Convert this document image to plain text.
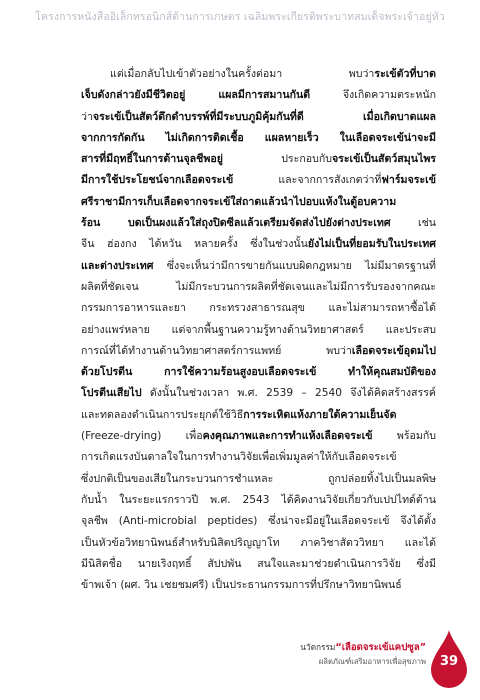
โครงการหนังสืออิเล็กทรอนิกส์ด้านการเกษตร เฉลิมพระเกียรติพระบาทสมเด็จพระเจ้าอยู่หัว
แต่เมื่อกลับไปเข้าตัวอย่างในครั้งต่อมา พบว่าระเข้ตัวที่บาด
เจ็บดังกล่าวยังมีชีวิตอยู่ แผลมีการสมานกันดี จึงเกิดความตระหนัก
ว่าจระเข้เป็นสัตว์ดึกดำบรรพ์ที่มีระบบภูมิคุ้มกันที่ดี เมื่อเกิดบาดแผล
จากการกัดกัน ไม่เกิดการติดเชื้อ แผลหายเร็ว ในเลือดจระเข้น่าจะมี
สารที่มีฤทธิ์ในการต้านจุลชีพอยู่ ประกอบกับจระเข้เป็นสัตว์สมุนไพร
มีการใช้ประโยชน์จากเลือดจระเข้ และจากการสังเกตว่าที่ฟาร์มจระเข้
ศรีราชามีการเก็บเลือดจากจระเข้ใส่ถาดแล้วนำไปอบแห้งในตู้อบความ
ร้อน บดเป็นผงแล้วใส่ถุงปิดซีลแล้วเตรียมจัดส่งไปยังต่างประเทศ เช่น
จีน ฮ่องกง ไต้หวัน หลายครั้ง ซึ่งในช่วงนั้นยังไม่เป็นที่ยอมรับในประเทศ
และต่างประเทศ ซึ่งจะเห็นว่ามีการขายกันแบบผิดกฎหมาย ไม่มีมาตรฐานที่
ผลิตที่ชัดเจน ไม่มีกระบวนการผลิตที่ชัดเจนและไม่มีการรับรองจากคณะ
กรรมการอาหารและยา กระทรวงสาธารณสุข และไม่สามารถหาซื้อได้
อย่างแพร่หลาย แต่จากพื้นฐานความรู้ทางด้านวิทยาศาสตร์ และประสบ
การณ์ที่ได้ทำงานด้านวิทยาศาสตร์การแพทย์ พบว่าเลือดจระเข้อุดมไป
ด้วยโปรตีน การใช้ความร้อนสูงอบเลือดจระเข้ ทำให้คุณสมบัติของ
โปรตีนเสียไป ดังนั้นในช่วงเวลา พ.ศ. 2539 – 2540 จึงได้คิดสร้างสรรค์
และทดลองดำเนินการประยุกต์ใช้วิธีการระเหิดแห้งภายใต้ความเย็นจัด
(Freeze-drying) เพื่อคงคุณภาพและการทำแห้งเลือดจระเข้ พร้อมกับ
การเกิดแรงบันดาลใจในการทำงานวิจัยเพื่อเพิ่มมูลค่าให้กับเลือดจระเข้
ซึ่งปกติเป็นของเสียในกระบวนการชำแหละ ถูกปล่อยทิ้งไปเป็นมลพิษ
กับน้ำ ในระยะแรกราวปี พ.ศ. 2543 ได้คิดงานวิจัยเกี่ยวกับเปปไทด์ต้าน
จุลชีพ (Anti-microbial peptides) ซึ่งน่าจะมีอยู่ในเลือดจระเข้ จึงได้ตั้ง
เป็นหัวข้อวิทยานิพนธ์สำหรับนิสิตปริญญาโท ภาควิชาสัตววิทยา และได้
มีนิสิตชื่อ นายเริงฤทธิ์ สัปปพัน สนใจและมาช่วยดำเนินการวิจัย ซึ่งมี
ข้าพเจ้า (ผศ. วิน เชยชมศรี) เป็นประธานกรรมการที่ปรึกษาวิทยานิพนธ์
นวัตกรรม“เลือดจระเข้แคปซูล”
ผลิตภัณฑ์เสริมอาหารเพื่อสุขภาพ	39
